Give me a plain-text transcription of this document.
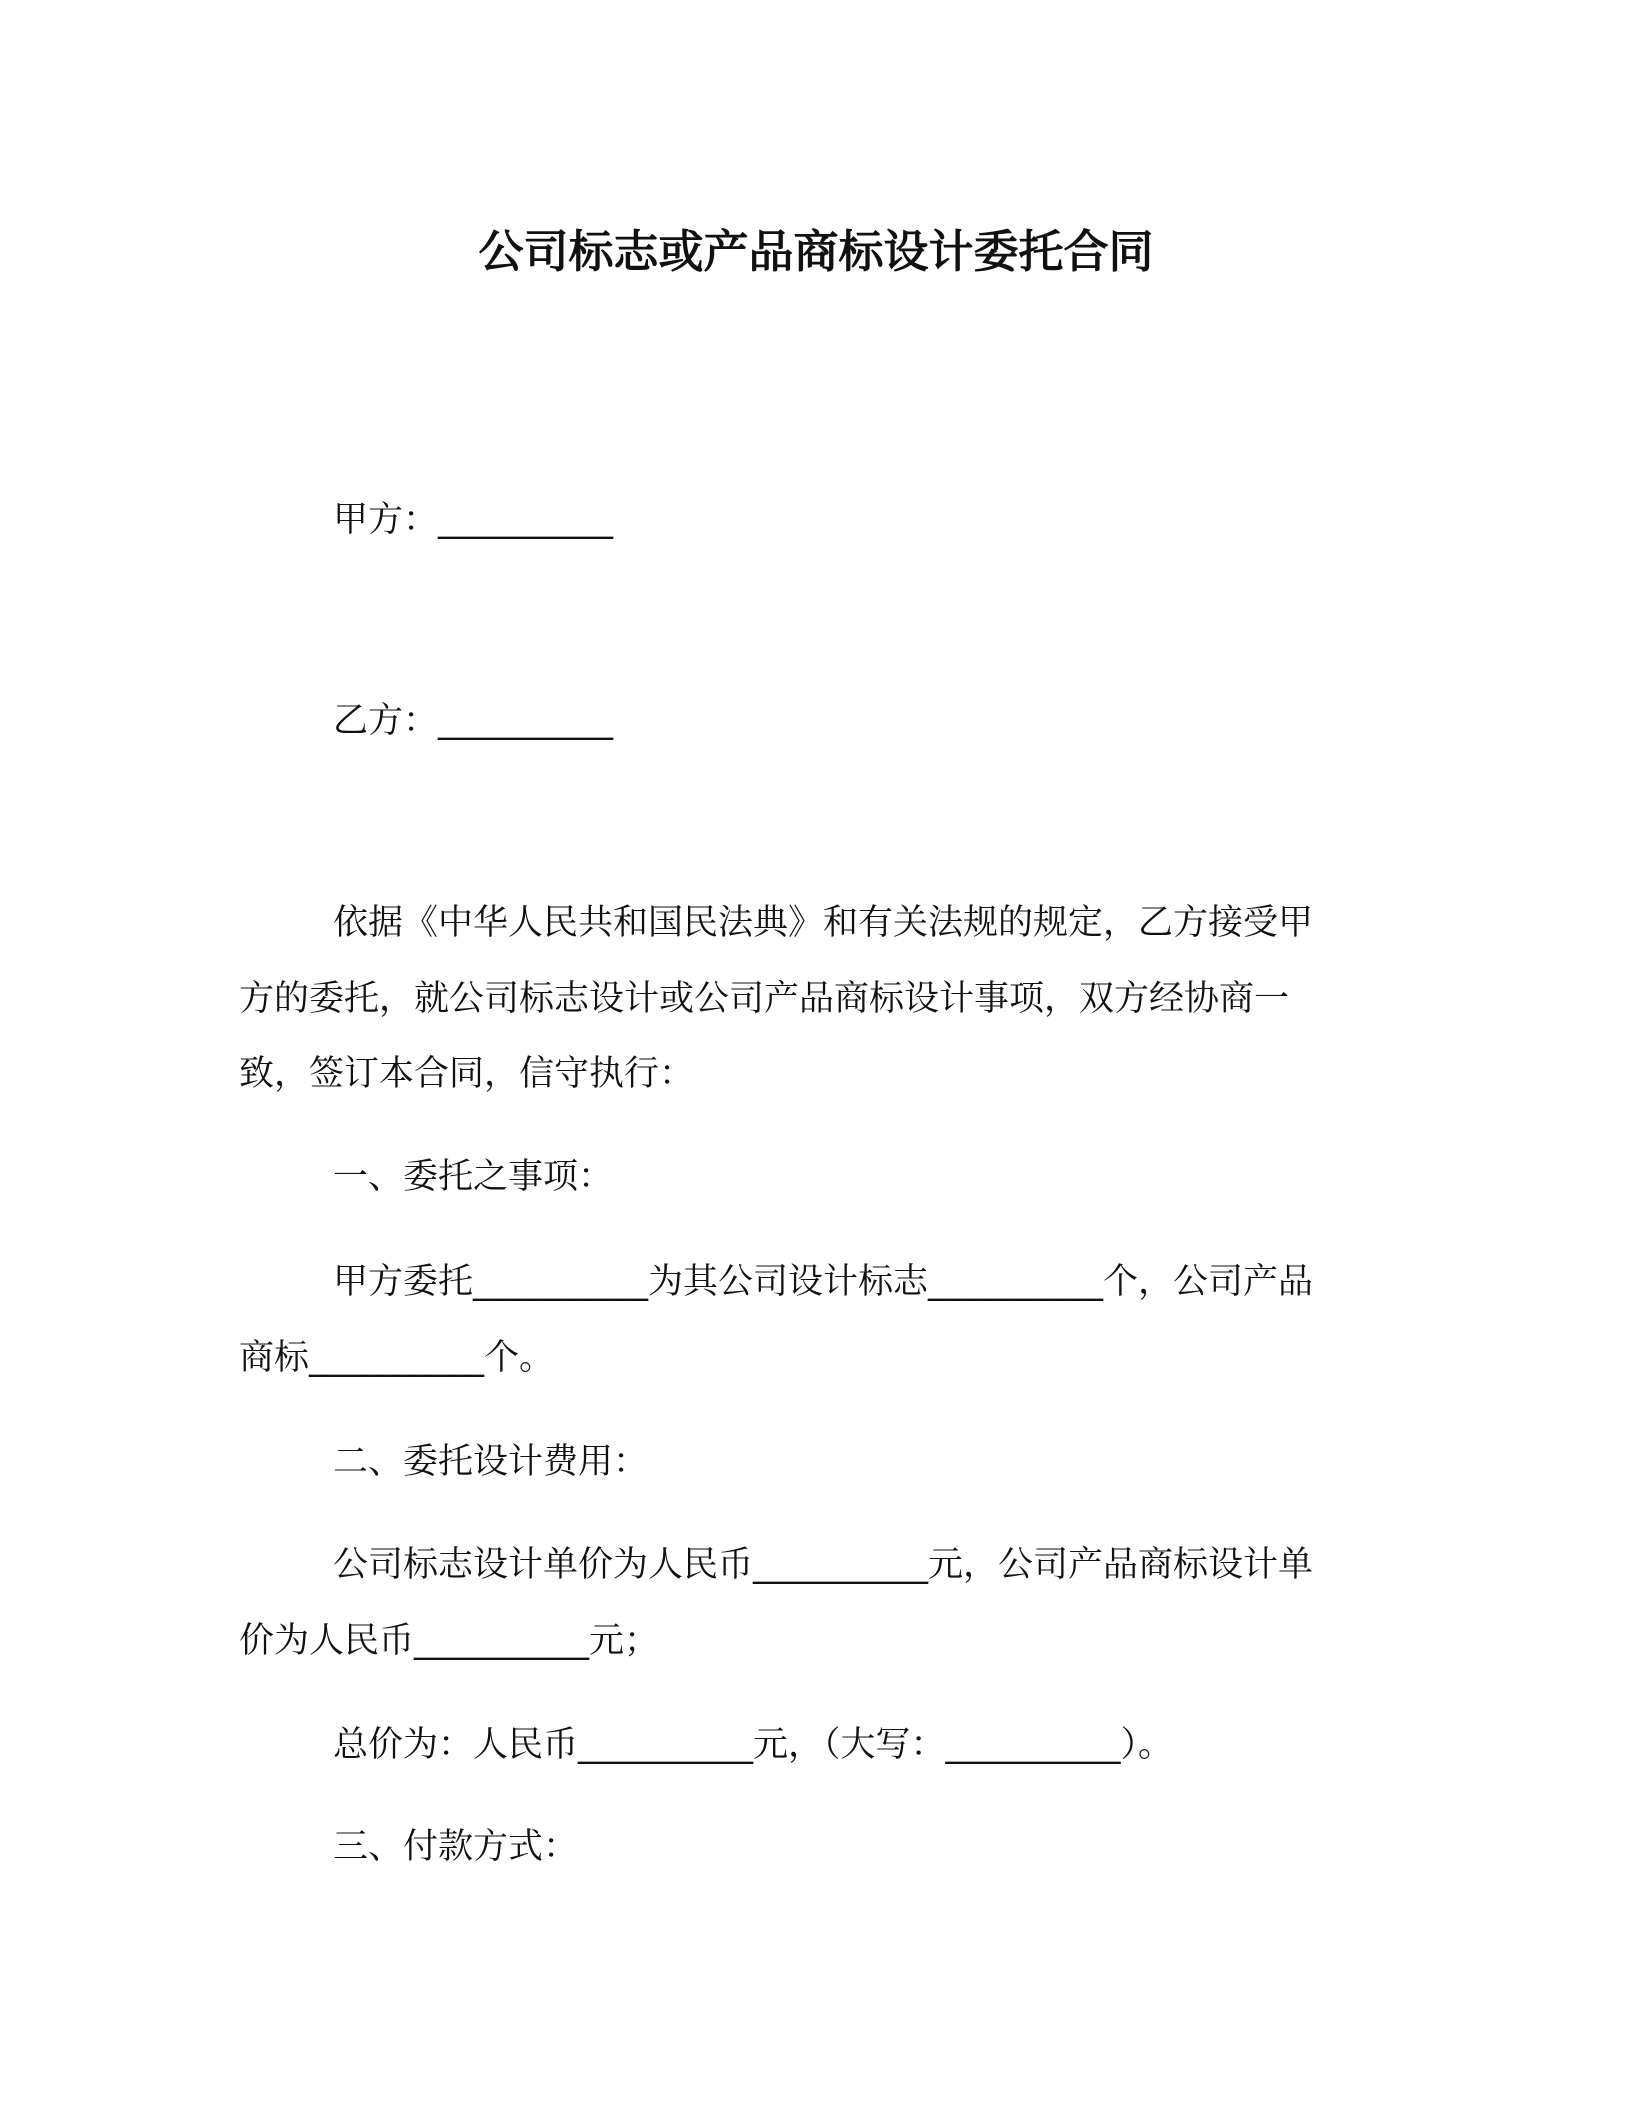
公司标志或产品商标设计委托合同
甲方：__________
乙方：__________
依据《中华人民共和国民法典》和有关法规的规定，乙方接受甲
方的委托，就公司标志设计或公司产品商标设计事项，双方经协商一
致，签订本合同，信守执行：
一、委托之事项：
甲方委托__________为其公司设计标志__________个，公司产品
商标__________个。
二、委托设计费用：
公司标志设计单价为人民币__________元，公司产品商标设计单
价为人民币__________元；
总价为：人民币__________元，（大写：__________）。
三、付款方式：
